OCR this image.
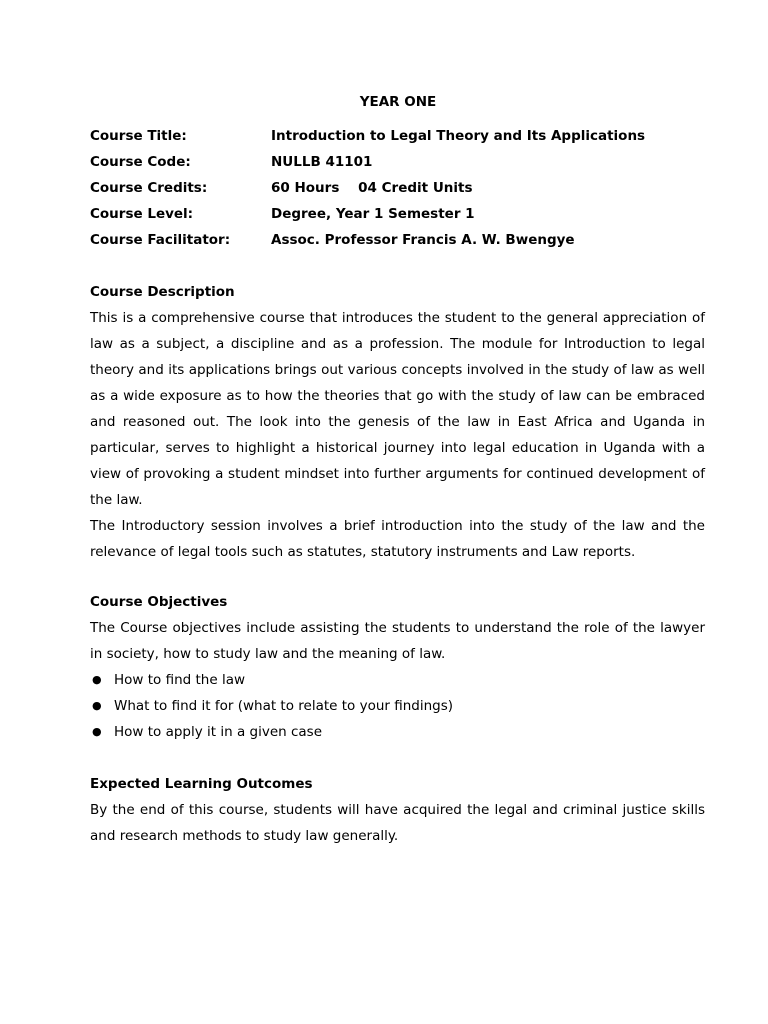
YEAR ONE
Course Title:	Introduction to Legal Theory and Its Applications
Course Code:	NULLB 41101
Course Credits:	60 Hours    04 Credit Units
Course Level:	Degree, Year 1 Semester 1
Course Facilitator:	Assoc. Professor Francis A. W. Bwengye
Course Description

This is a comprehensive course that introduces the student to the general appreciation of law as a subject, a discipline and as a profession. The module for Introduction to legal theory and its applications brings out various concepts involved in the study of law as well as a wide exposure as to how the theories that go with the study of law can be embraced and reasoned out. The look into the genesis of the law in East Africa and Uganda in particular, serves to highlight a historical journey into legal education in Uganda with a view of provoking a student mindset into further arguments for continued development of the law.

The Introductory session involves a brief introduction into the study of the law and the relevance of legal tools such as statutes, statutory instruments and Law reports.

Course Objectives

The Course objectives include assisting the students to understand the role of the lawyer in society, how to study law and the meaning of law.

● How to find the law
● What to find it for (what to relate to your findings)
● How to apply it in a given case
Expected Learning Outcomes

By the end of this course, students will have acquired the legal and criminal justice skills and research methods to study law generally.
